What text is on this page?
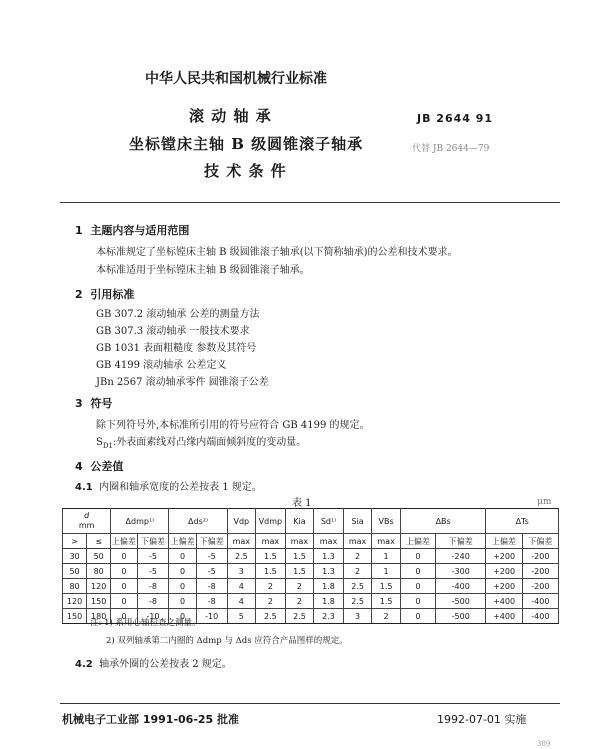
中华人民共和国机械行业标准
滚 动 轴 承
坐标镗床主轴 B 级圆锥滚子轴承
技 术 条 件
JB 2644 91
代替 JB 2644—79
1 主题内容与适用范围
本标准规定了坐标镗床主轴 B 级圆锥滚子轴承(以下简称轴承)的公差和技术要求。
本标准适用于坐标镗床主轴 B 级圆锥滚子轴承。
2 引用标准
GB 307.2 滚动轴承 公差的测量方法
GB 307.3 滚动轴承 一般技术要求
GB 1031 表面粗糙度 参数及其符号
GB 4199 滚动轴承 公差定义
JBn 2567 滚动轴承零件 圆锥滚子公差
3 符号
除下列符号外,本标准所引用的符号应符合 GB 4199 的规定。
$S_{D1}$:外表面素线对凸缘内端面倾斜度的变动量。
4 公差值
4.1 内圈和轴承宽度的公差按表 1 规定。
表 1	μm
d
mm		Δdmp¹⁾		Δds²⁾		Vdp	Vdmp	Kia	Sd¹⁾	Sia	VBs	ΔBs		ΔTs	
>	≤	上偏差	下偏差	上偏差	下偏差	max	max	max	max	max	max	上偏差	下偏差	上偏差	下偏差
30	50	0	-5	0	-5	2.5	1.5	1.5	1.3	2	1	0	-240	+200	-200
50	80	0	-5	0	-5	3	1.5	1.5	1.3	2	1	0	-300	+200	-200
80	120	0	-8	0	-8	4	2	2	1.8	2.5	1.5	0	-400	+200	-200
120	150	0	-8	0	-8	4	2	2	1.8	2.5	1.5	0	-500	+400	-400
150	180	0	-10	0	-10	5	2.5	2.5	2.3	3	2	0	-500	+400	-400
注: 1) 系用心轴检查之测量。
2) 双列轴承第二内圈的 Δdmp 与 Δds 应符合产品图样的规定。
4.2 轴承外圈的公差按表 2 规定。
机械电子工业部 1991-06-25 批准	1992-07-01 实施
389
